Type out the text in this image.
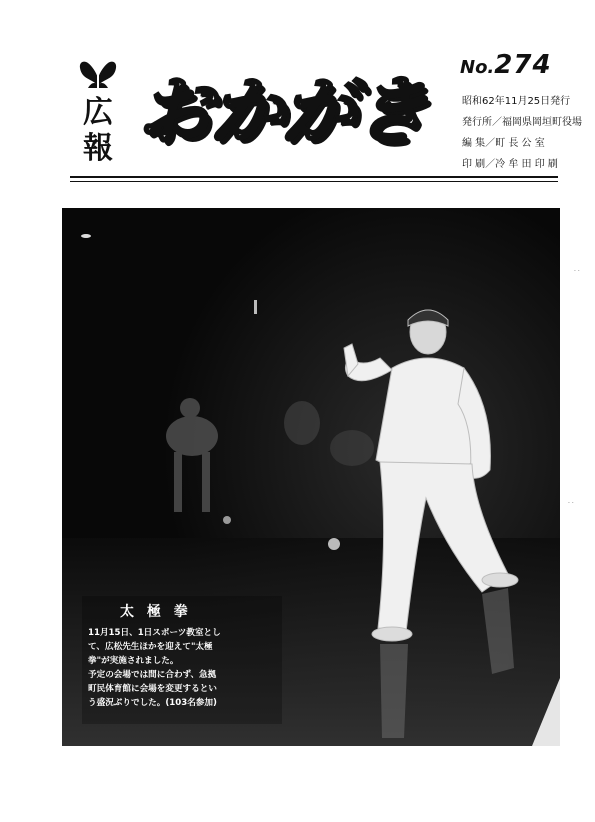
広
報 おかがき
No.274
昭和62年11月25日発行
発行所／福岡県岡垣町役場
編 集／町 長 公 室
印 刷／冷 牟 田 印 刷
太 極 拳
11月15日、1日スポーツ教室とし
て、広松先生ほかを迎えて"太極
拳"が実施されました。
予定の会場では間に合わず、急拠
町民体育館に会場を変更するとい
う盛況ぶりでした。(103名参加)
· ·
· ·
